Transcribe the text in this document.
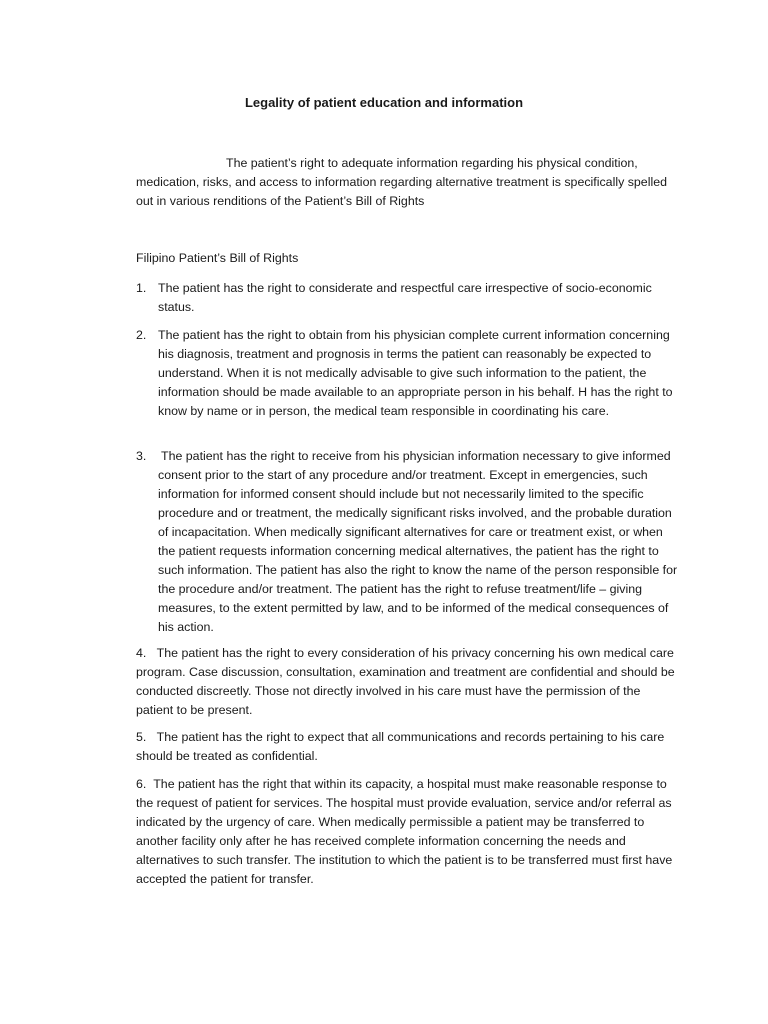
Legality of patient education and information

The patient’s right to adequate information regarding his physical condition, medication, risks, and access to information regarding alternative treatment is specifically spelled out in various renditions of the Patient’s Bill of Rights

Filipino Patient’s Bill of Rights

1. The patient has the right to considerate and respectful care irrespective of socio-economic status.

2. The patient has the right to obtain from his physician complete current information concerning his diagnosis, treatment and prognosis in terms the patient can reasonably be expected to understand. When it is not medically advisable to give such information to the patient, the information should be made available to an appropriate person in his behalf. H has the right to know by name or in person, the medical team responsible in coordinating his care.

3. The patient has the right to receive from his physician information necessary to give informed consent prior to the start of any procedure and/or treatment. Except in emergencies, such information for informed consent should include but not necessarily limited to the specific procedure and or treatment, the medically significant risks involved, and the probable duration of incapacitation. When medically significant alternatives for care or treatment exist, or when the patient requests information concerning medical alternatives, the patient has the right to such information. The patient has also the right to know the name of the person responsible for the procedure and/or treatment. The patient has the right to refuse treatment/life – giving measures, to the extent permitted by law, and to be informed of the medical consequences of his action.

4. The patient has the right to every consideration of his privacy concerning his own medical care program. Case discussion, consultation, examination and treatment are confidential and should be conducted discreetly. Those not directly involved in his care must have the permission of the patient to be present.

5. The patient has the right to expect that all communications and records pertaining to his care should be treated as confidential.

6. The patient has the right that within its capacity, a hospital must make reasonable response to the request of patient for services. The hospital must provide evaluation, service and/or referral as indicated by the urgency of care. When medically permissible a patient may be transferred to another facility only after he has received complete information concerning the needs and alternatives to such transfer. The institution to which the patient is to be transferred must first have accepted the patient for transfer.
